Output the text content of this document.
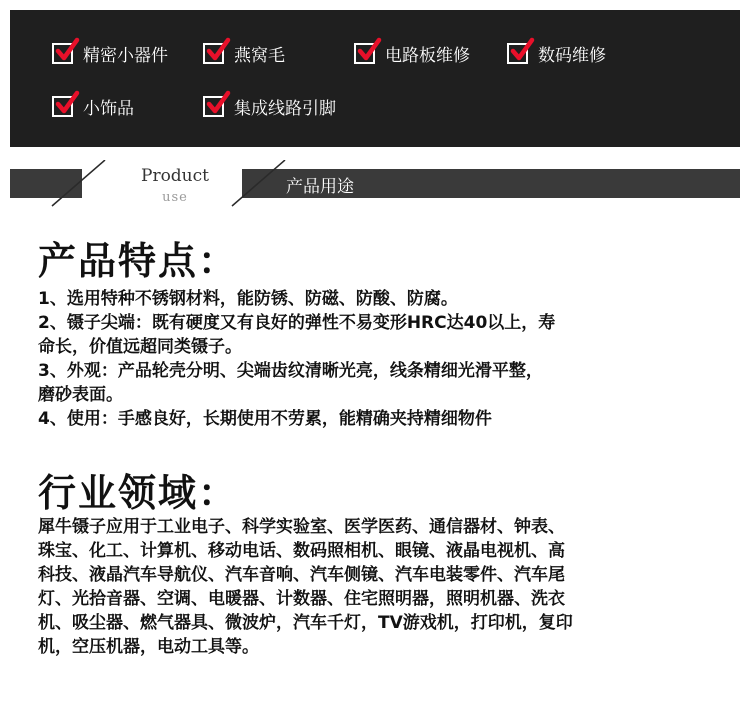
精密小器件	燕窝毛	电路板维修	数码维修
小饰品	集成线路引脚
Product
use
产品用途
产品特点：
1、选用特种不锈钢材料，能防锈、防磁、防酸、防腐。
2、镊子尖端：既有硬度又有良好的弹性不易变形HRC达40以上，寿
命长，价值远超同类镊子。
3、外观：产品轮壳分明、尖端齿纹清晰光亮，线条精细光滑平整，
磨砂表面。
4、使用：手感良好，长期使用不劳累，能精确夹持精细物件
行业领域：
犀牛镊子应用于工业电子、科学实验室、医学医药、通信器材、钟表、
珠宝、化工、计算机、移动电话、数码照相机、眼镜、液晶电视机、高
科技、液晶汽车导航仪、汽车音响、汽车侧镜、汽车电装零件、汽车尾
灯、光拾音器、空调、电暖器、计数器、住宅照明器，照明机器、洗衣
机、吸尘器、燃气器具、微波炉，汽车千灯，TV游戏机，打印机，复印
机，空压机器，电动工具等。
